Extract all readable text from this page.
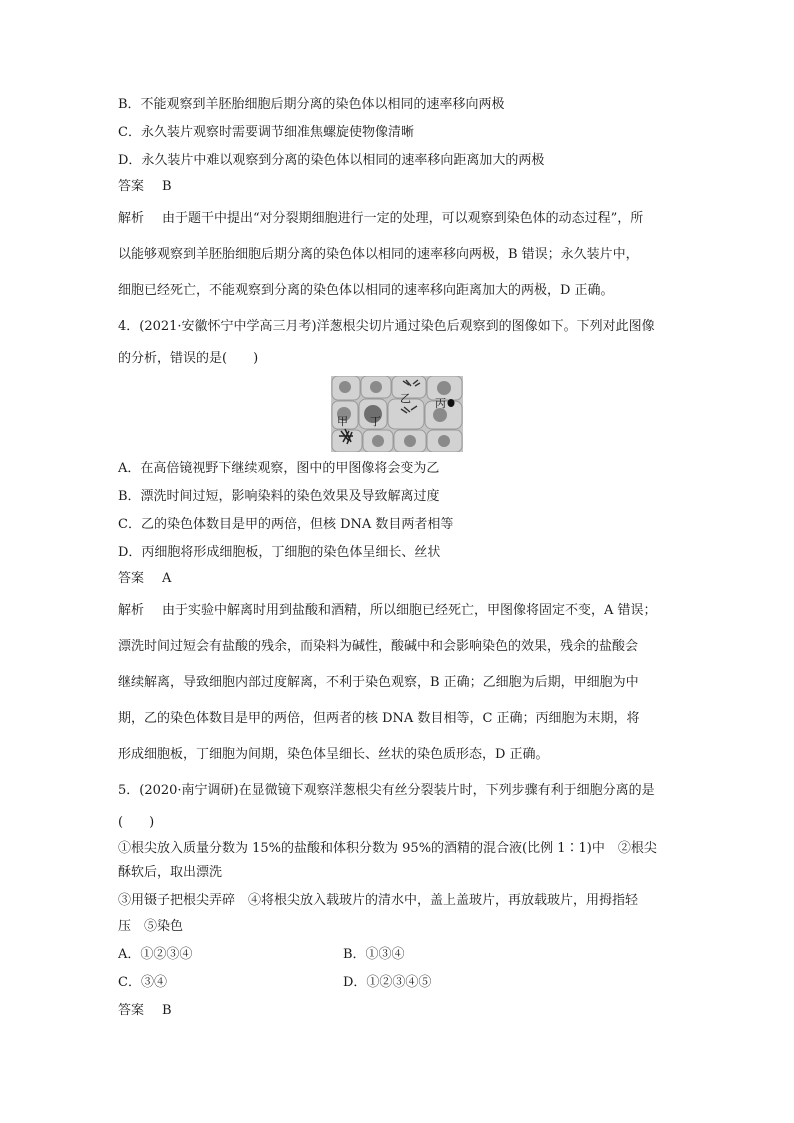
B．不能观察到羊胚胎细胞后期分离的染色体以相同的速率移向两极
C．永久装片观察时需要调节细准焦螺旋使物像清晰
D．永久装片中难以观察到分离的染色体以相同的速率移向距离加大的两极
答案 B
解析 由于题干中提出“对分裂期细胞进行一定的处理，可以观察到染色体的动态过程”，所
以能够观察到羊胚胎细胞后期分离的染色体以相同的速率移向两极，B 错误；永久装片中，
细胞已经死亡，不能观察到分离的染色体以相同的速率移向距离加大的两极，D 正确。
4．(2021·安徽怀宁中学高三月考)洋葱根尖切片通过染色后观察到的图像如下。下列对此图像
的分析，错误的是(　　)
乙 丙
丁
甲
A．在高倍镜视野下继续观察，图中的甲图像将会变为乙
B．漂洗时间过短，影响染料的染色效果及导致解离过度
C．乙的染色体数目是甲的两倍，但核 DNA 数目两者相等
D．丙细胞将形成细胞板，丁细胞的染色体呈细长、丝状
答案 A
解析 由于实验中解离时用到盐酸和酒精，所以细胞已经死亡，甲图像将固定不变，A 错误；
漂洗时间过短会有盐酸的残余，而染料为碱性，酸碱中和会影响染色的效果，残余的盐酸会
继续解离，导致细胞内部过度解离，不利于染色观察，B 正确；乙细胞为后期，甲细胞为中
期，乙的染色体数目是甲的两倍，但两者的核 DNA 数目相等，C 正确；丙细胞为末期，将
形成细胞板，丁细胞为间期，染色体呈细长、丝状的染色质形态，D 正确。
5．(2020·南宁调研)在显微镜下观察洋葱根尖有丝分裂装片时，下列步骤有利于细胞分离的是
(　　)
①根尖放入质量分数为 15%的盐酸和体积分数为 95%的酒精的混合液(比例 1∶1)中　②根尖
酥软后，取出漂洗
③用镊子把根尖弄碎　④将根尖放入载玻片的清水中，盖上盖玻片，再放载玻片，用拇指轻
压　⑤染色
A．①②③④	B．①③④
C．③④	D．①②③④⑤
答案 B
